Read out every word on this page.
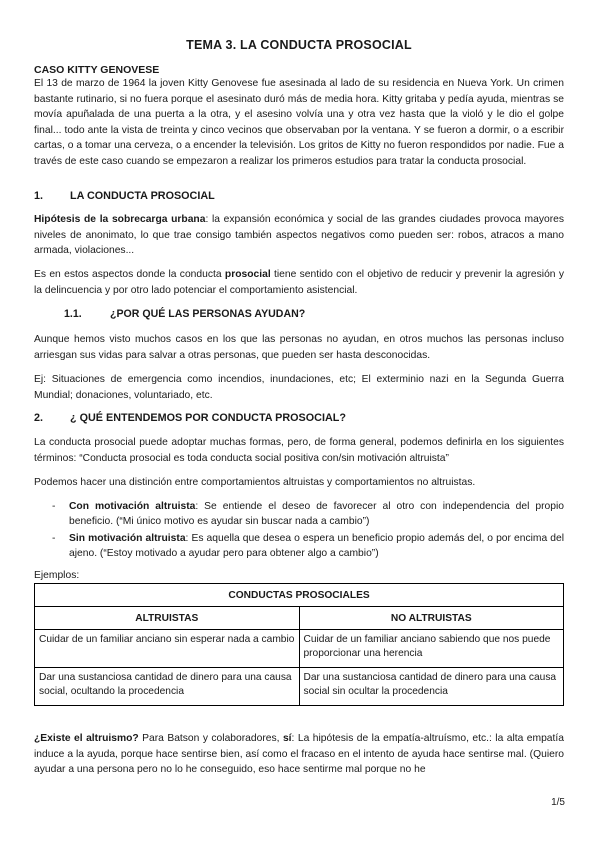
TEMA 3. LA CONDUCTA PROSOCIAL
CASO KITTY GENOVESE

El 13 de marzo de 1964 la joven Kitty Genovese fue asesinada al lado de su residencia en Nueva York. Un crimen bastante rutinario, si no fuera porque el asesinato duró más de media hora. Kitty gritaba y pedía ayuda, mientras se movía apuñalada de una puerta a la otra, y el asesino volvía una y otra vez hasta que la violó y le dio el golpe final... todo ante la vista de treinta y cinco vecinos que observaban por la ventana. Y se fueron a dormir, o a escribir cartas, o a tomar una cerveza, o a encender la televisión. Los gritos de Kitty no fueron respondidos por nadie. Fue a través de este caso cuando se empezaron a realizar los primeros estudios para tratar la conducta prosocial.

1. LA CONDUCTA PROSOCIAL

Hipótesis de la sobrecarga urbana: la expansión económica y social de las grandes ciudades provoca mayores niveles de anonimato, lo que trae consigo también aspectos negativos como pueden ser: robos, atracos a mano armada, violaciones...

Es en estos aspectos donde la conducta prosocial tiene sentido con el objetivo de reducir y prevenir la agresión y la delincuencia y por otro lado potenciar el comportamiento asistencial.

1.1.	¿POR QUÉ LAS PERSONAS AYUDAN?

Aunque hemos visto muchos casos en los que las personas no ayudan, en otros muchos las personas incluso arriesgan sus vidas para salvar a otras personas, que pueden ser hasta desconocidas.

Ej: Situaciones de emergencia como incendios, inundaciones, etc; El exterminio nazi en la Segunda Guerra Mundial; donaciones, voluntariado, etc.

2. ¿ QUÉ ENTENDEMOS POR CONDUCTA PROSOCIAL?

La conducta prosocial puede adoptar muchas formas, pero, de forma general, podemos definirla en los siguientes términos: “Conducta prosocial es toda conducta social positiva con/sin motivación altruista”

Podemos hacer una distinción entre comportamientos altruistas y comportamientos no altruistas.

- Con motivación altruista: Se entiende el deseo de favorecer al otro con independencia del propio beneficio. (“Mi único motivo es ayudar sin buscar nada a cambio”)
- Sin motivación altruista: Es aquella que desea o espera un beneficio propio además del, o por encima del ajeno. (“Estoy motivado a ayudar pero para obtener algo a cambio”)
Ejemplos:
CONDUCTAS PROSOCIALES	
ALTRUISTAS	NO ALTRUISTAS
Cuidar de un familiar anciano sin esperar nada a cambio	Cuidar de un familiar anciano sabiendo que nos puede proporcionar una herencia
Dar una sustanciosa cantidad de dinero para una causa social, ocultando la procedencia	Dar una sustanciosa cantidad de dinero para una causa social sin ocultar la procedencia

¿Existe el altruismo? Para Batson y colaboradores, sí: La hipótesis de la empatía-altruísmo, etc.: la alta empatía induce a la ayuda, porque hace sentirse bien, así como el fracaso en el intento de ayuda hace sentirse mal. (Quiero ayudar a una persona pero no lo he conseguido, eso hace sentirme mal porque no he

1/5
